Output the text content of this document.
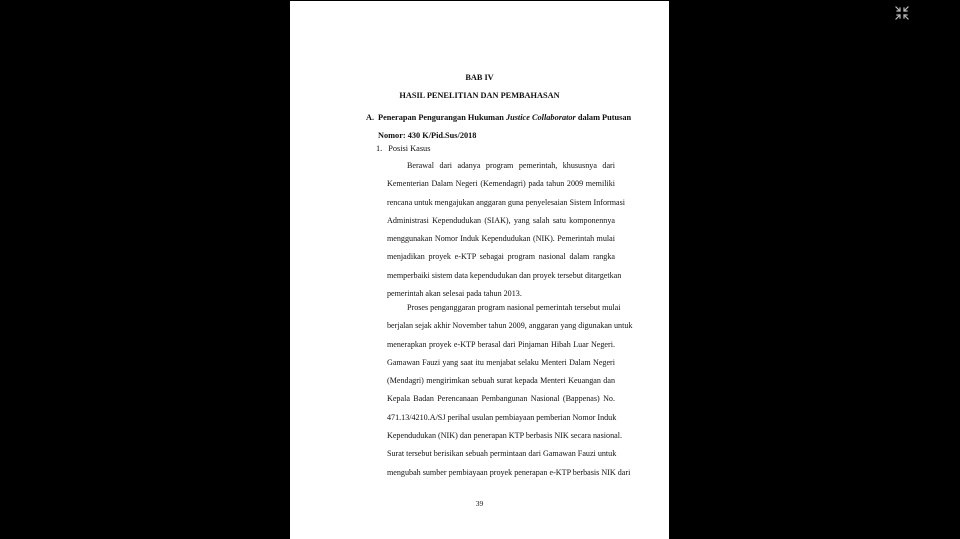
BAB IV
HASIL PENELITIAN DAN PEMBAHASAN
A. Penerapan Pengurangan Hukuman Justice Collaborator dalam Putusan
Nomor: 430 K/Pid.Sus/2018
1. Posisi Kasus
Berawal dari adanya program pemerintah, khususnya dari
Kementerian Dalam Negeri (Kemendagri) pada tahun 2009 memiliki
rencana untuk mengajukan anggaran guna penyelesaian Sistem Informasi
Administrasi Kependudukan (SIAK), yang salah satu komponennya
menggunakan Nomor Induk Kependudukan (NIK). Pemerintah mulai
menjadikan proyek e-KTP sebagai program nasional dalam rangka
memperbaiki sistem data kependudukan dan proyek tersebut ditargetkan
pemerintah akan selesai pada tahun 2013.
Proses penganggaran program nasional pemerintah tersebut mulai
berjalan sejak akhir November tahun 2009, anggaran yang digunakan untuk
menerapkan proyek e-KTP berasal dari Pinjaman Hibah Luar Negeri.
Gamawan Fauzi yang saat itu menjabat selaku Menteri Dalam Negeri
(Mendagri) mengirimkan sebuah surat kepada Menteri Keuangan dan
Kepala Badan Perencanaan Pembangunan Nasional (Bappenas) No.
471.13/4210.A/SJ perihal usulan pembiayaan pemberian Nomor Induk
Kependudukan (NIK) dan penerapan KTP berbasis NIK secara nasional.
Surat tersebut berisikan sebuah permintaan dari Gamawan Fauzi untuk
mengubah sumber pembiayaan proyek penerapan e-KTP berbasis NIK dari
39
